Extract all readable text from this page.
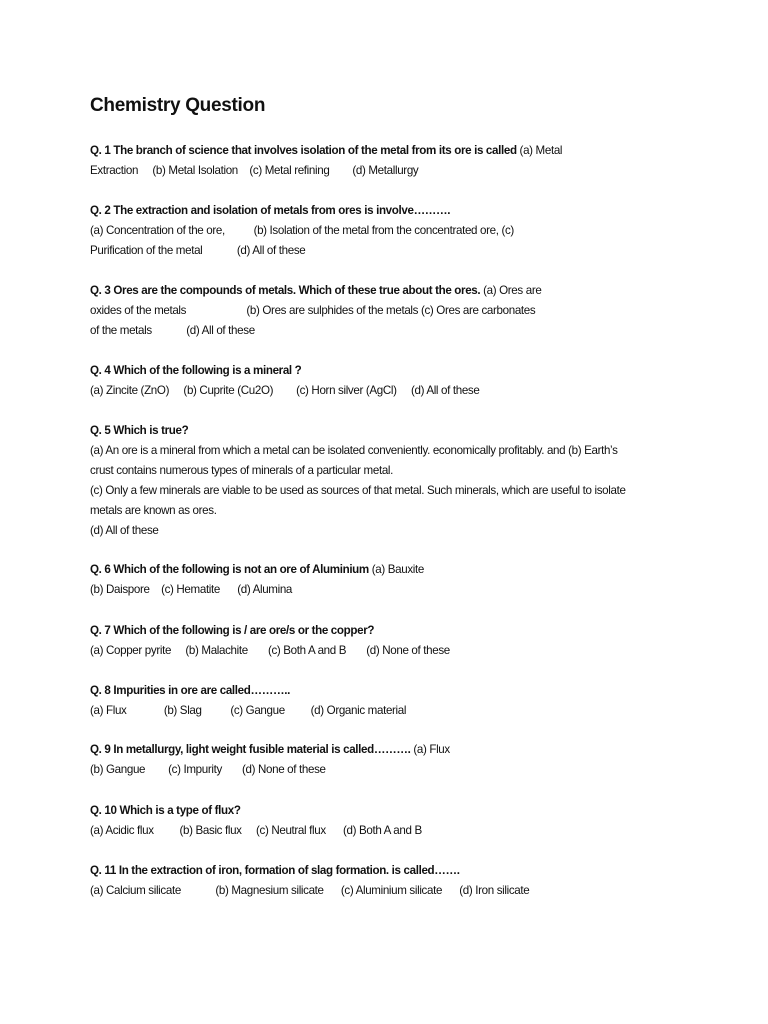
Chemistry Question
Q. 1 The branch of science that involves isolation of the metal from its ore is called (a) Metal
Extraction     (b) Metal Isolation    (c) Metal refining        (d) Metallurgy
Q. 2 The extraction and isolation of metals from ores is involve……….
(a) Concentration of the ore,          (b) Isolation of the metal from the concentrated ore, (c)
Purification of the metal            (d) All of these
Q. 3 Ores are the compounds of metals. Which of these true about the ores. (a) Ores are
oxides of the metals                     (b) Ores are sulphides of the metals (c) Ores are carbonates
of the metals            (d) All of these
Q. 4 Which of the following is a mineral ?
(a) Zincite (ZnO)     (b) Cuprite (Cu2O)        (c) Horn silver (AgCl)     (d) All of these
Q. 5 Which is true?
(a) An ore is a mineral from which a metal can be isolated conveniently. economically profitably. and (b) Earth’s
crust contains numerous types of minerals of a particular metal.
(c) Only a few minerals are viable to be used as sources of that metal. Such minerals, which are useful to isolate
metals are known as ores.
(d) All of these
Q. 6 Which of the following is not an ore of Aluminium (a) Bauxite
(b) Daispore    (c) Hematite      (d) Alumina
Q. 7 Which of the following is / are ore/s or the copper?
(a) Copper pyrite     (b) Malachite       (c) Both A and B       (d) None of these
Q. 8 Impurities in ore are called………..
(a) Flux             (b) Slag          (c) Gangue         (d) Organic material
Q. 9 In metallurgy, light weight fusible material is called………. (a) Flux
(b) Gangue        (c) Impurity       (d) None of these
Q. 10 Which is a type of flux?
(a) Acidic flux         (b) Basic flux     (c) Neutral flux      (d) Both A and B
Q. 11 In the extraction of iron, formation of slag formation. is called…….
(a) Calcium silicate            (b) Magnesium silicate      (c) Aluminium silicate      (d) Iron silicate
